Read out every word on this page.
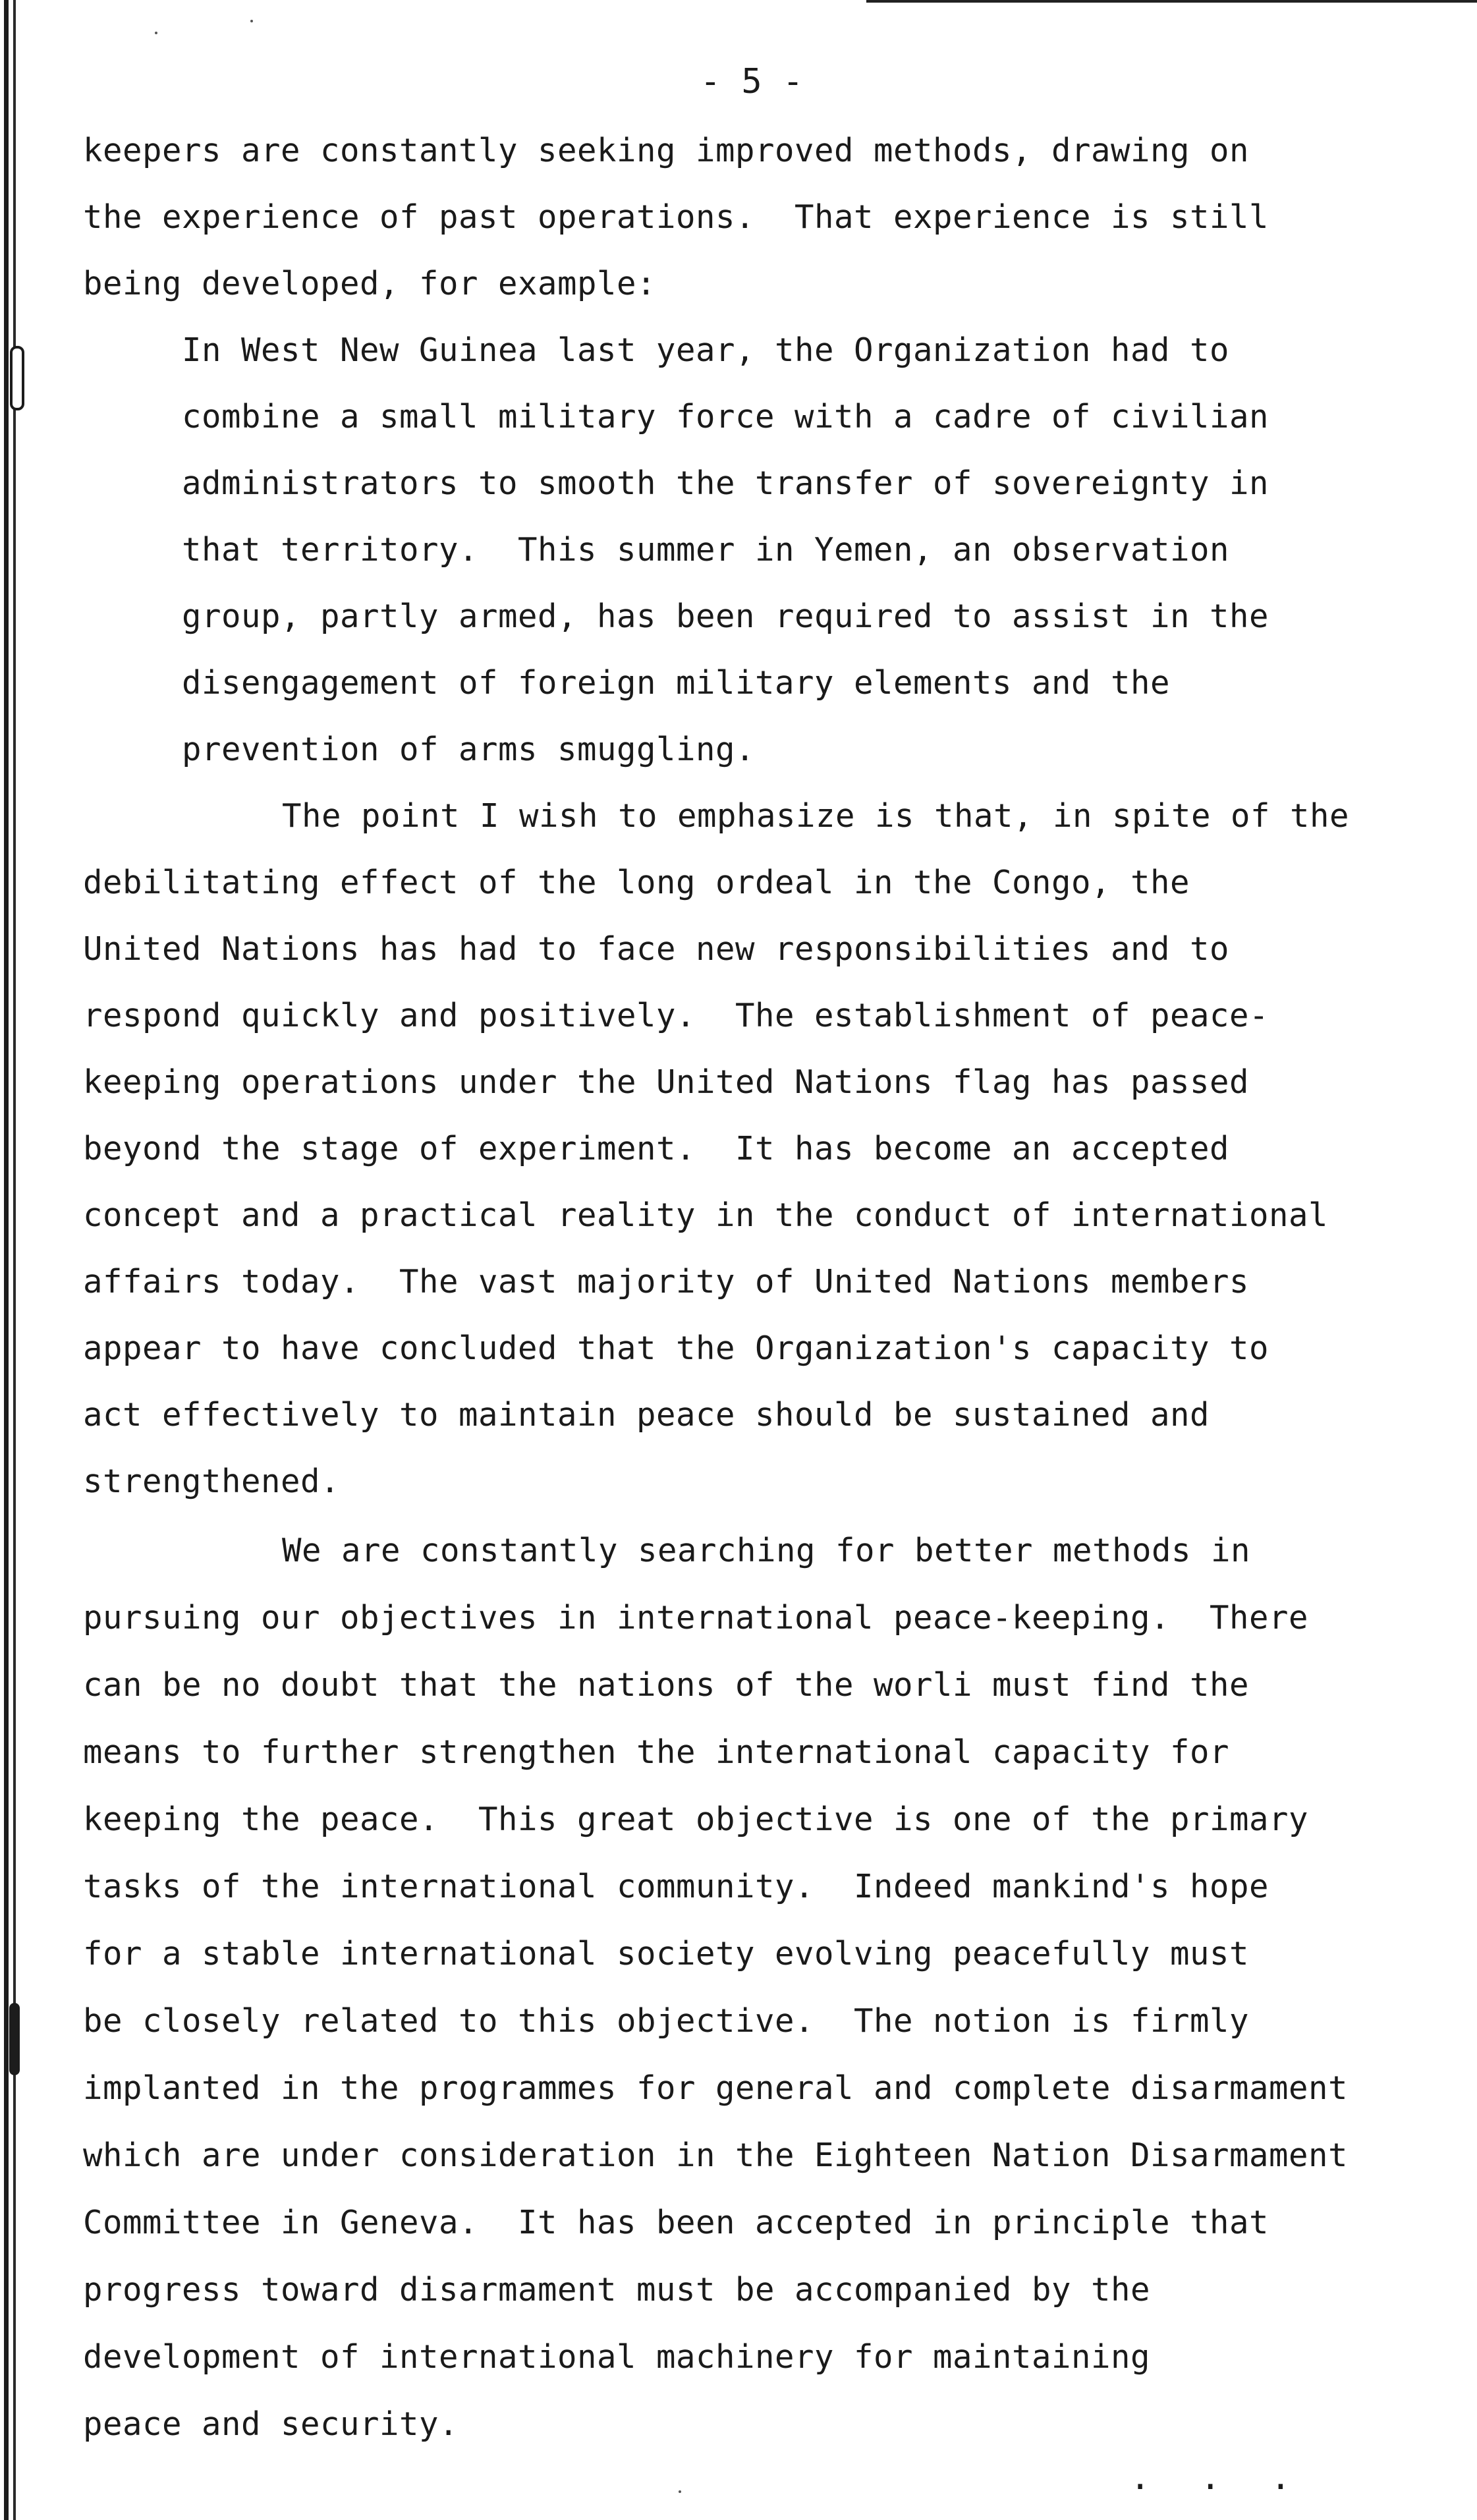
- 5 -
keepers are constantly seeking improved methods, drawing on
the experience of past operations.  That experience is still
being developed, for example:
In West New Guinea last year, the Organization had to
combine a small military force with a cadre of civilian
administrators to smooth the transfer of sovereignty in
that territory.  This summer in Yemen, an observation
group, partly armed, has been required to assist in the
disengagement of foreign military elements and the
prevention of arms smuggling.
The point I wish to emphasize is that, in spite of the
debilitating effect of the long ordeal in the Congo, the
United Nations has had to face new responsibilities and to
respond quickly and positively.  The establishment of peace-
keeping operations under the United Nations flag has passed
beyond the stage of experiment.  It has become an accepted
concept and a practical reality in the conduct of international
affairs today.  The vast majority of United Nations members
appear to have concluded that the Organization's capacity to
act effectively to maintain peace should be sustained and
strengthened.
We are constantly searching for better methods in
pursuing our objectives in international peace-keeping.  There
can be no doubt that the nations of the worli must find the
means to further strengthen the international capacity for
keeping the peace.  This great objective is one of the primary
tasks of the international community.  Indeed mankind's hope
for a stable international society evolving peacefully must
be closely related to this objective.  The notion is firmly
implanted in the programmes for general and complete disarmament
which are under consideration in the Eighteen Nation Disarmament
Committee in Geneva.  It has been accepted in principle that
progress toward disarmament must be accompanied by the
development of international machinery for maintaining
peace and security.
. . .
